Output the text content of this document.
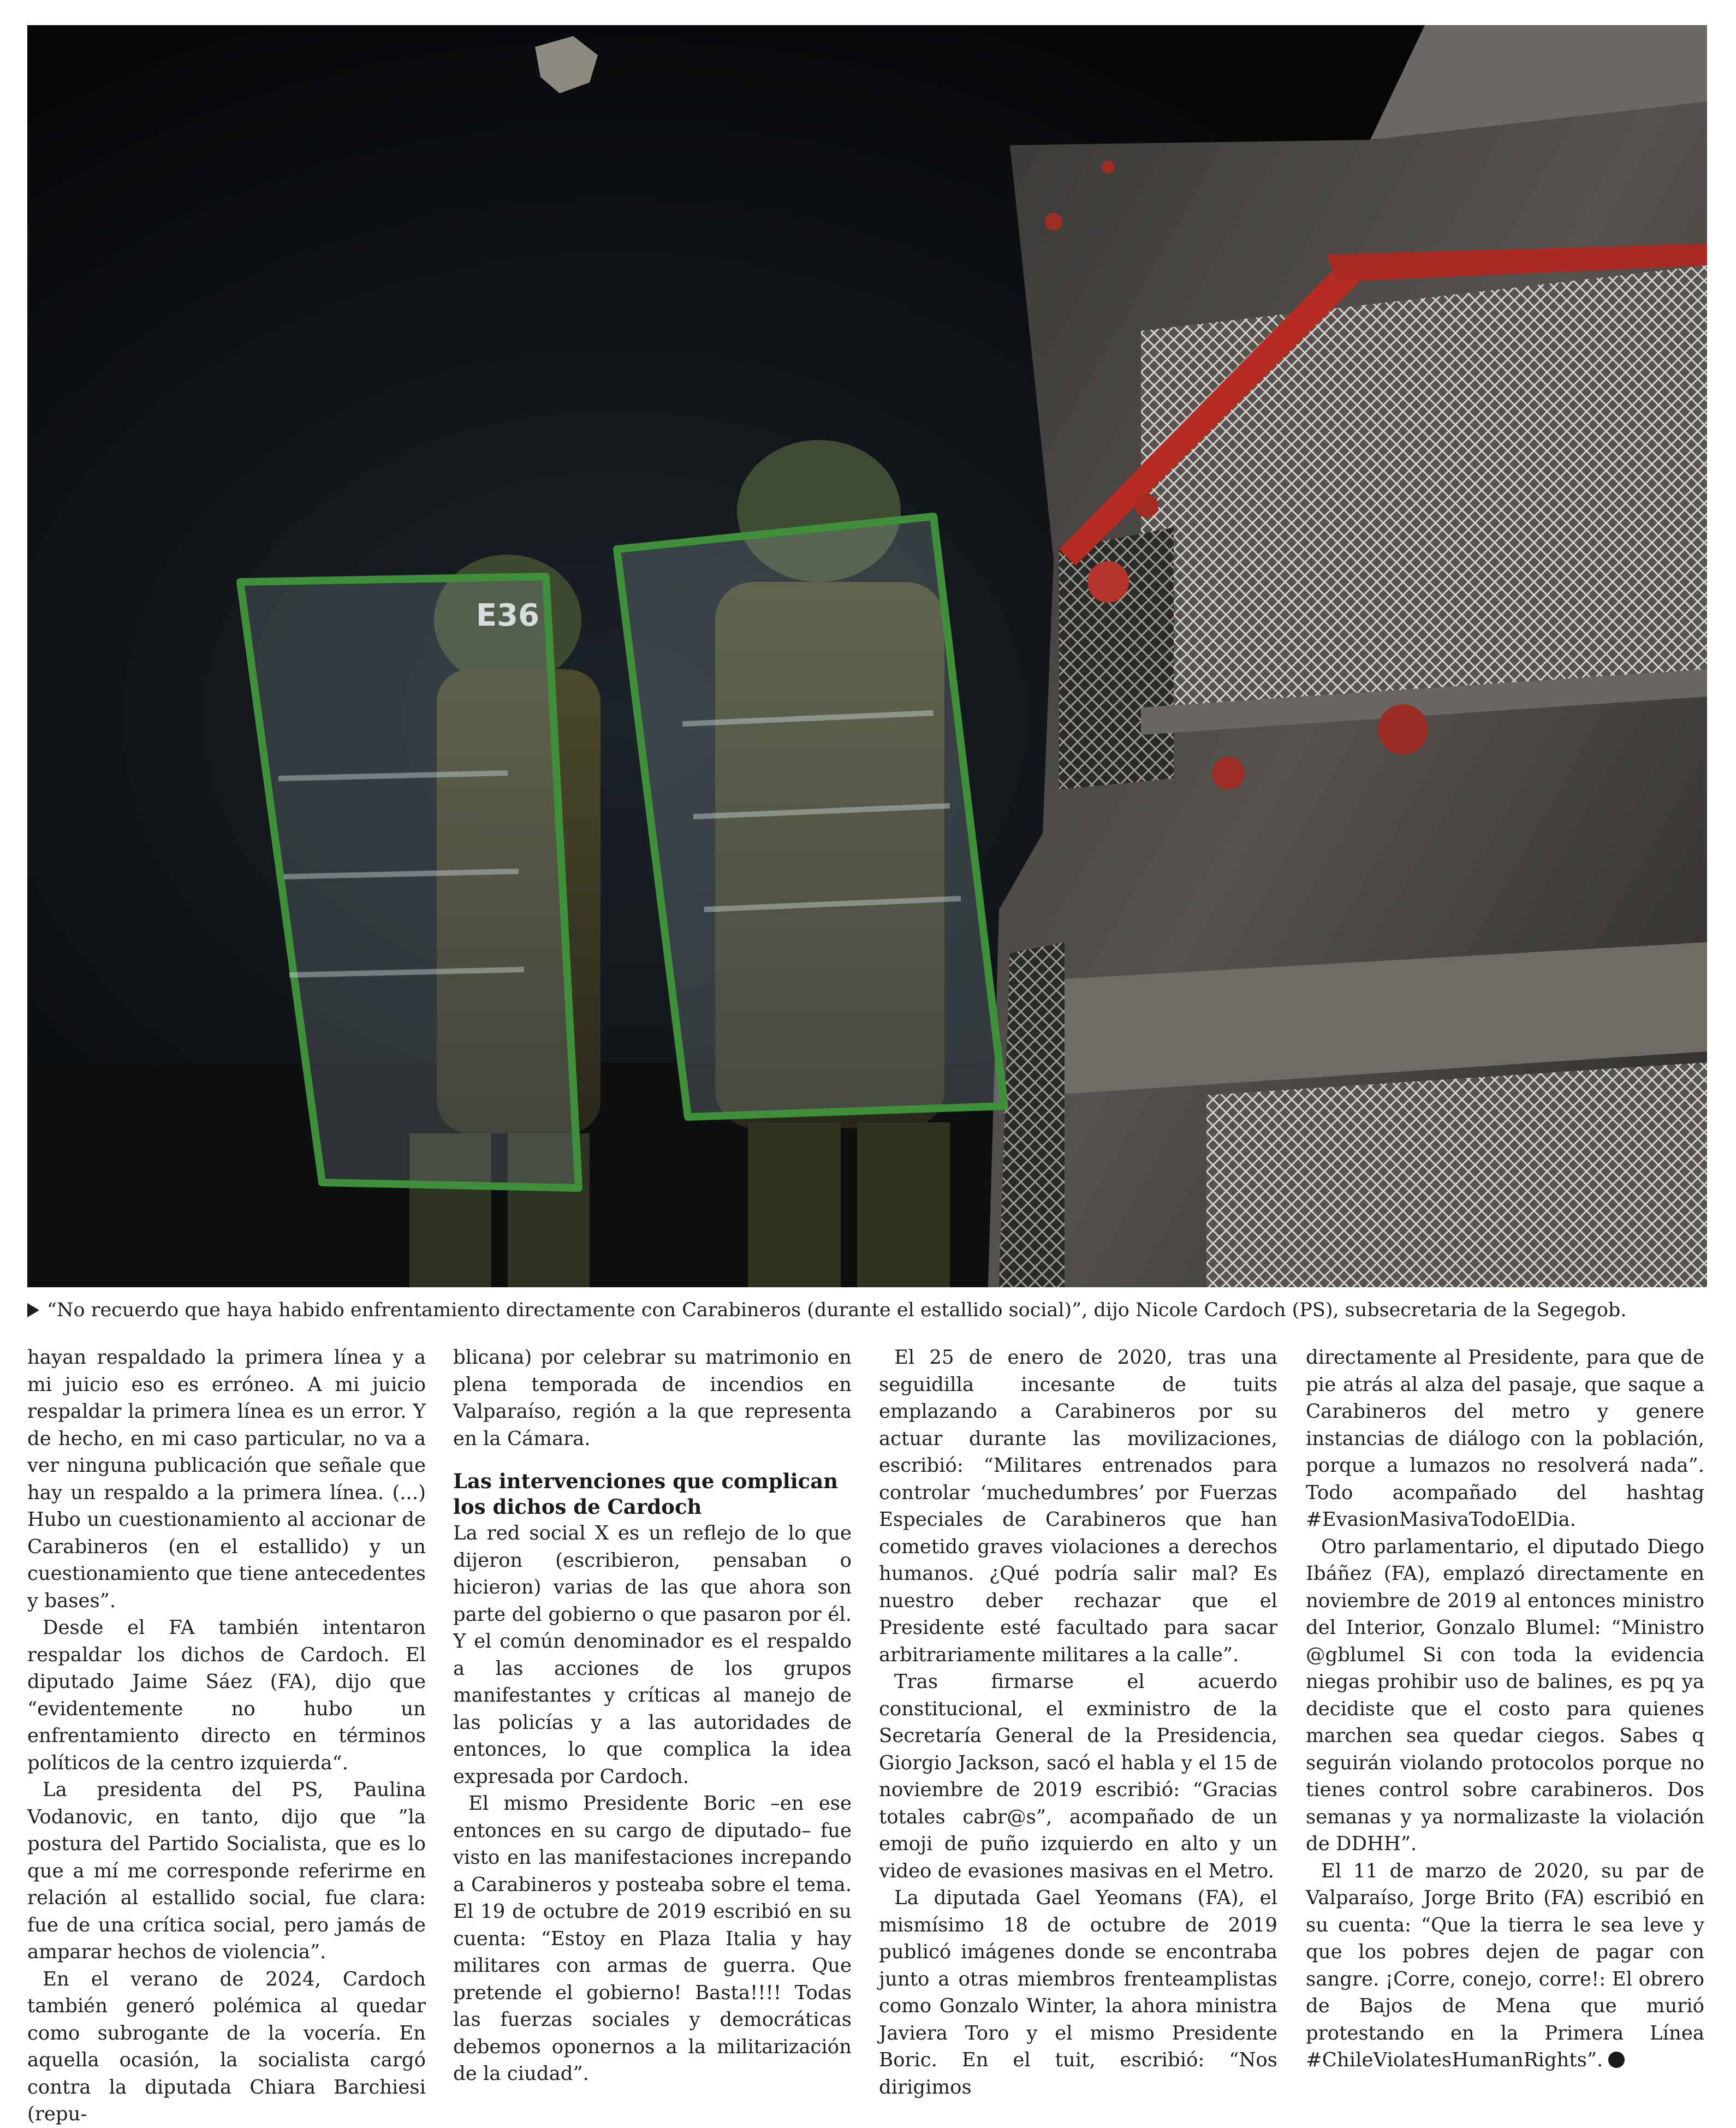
E36
“No recuerdo que haya habido enfrentamiento directamente con Carabineros (durante el estallido social)”, dijo Nicole Cardoch (PS), subsecretaria de la Segegob.

hayan respaldado la primera línea y a mi juicio eso es erróneo. A mi juicio respaldar la primera línea es un error. Y de hecho, en mi caso particular, no va a ver ninguna publicación que señale que hay un respaldo a la primera línea. (...) Hubo un cuestionamiento al accionar de Carabineros (en el estallido) y un cuestionamiento que tiene antecedentes y bases”.

Desde el FA también intentaron respaldar los dichos de Cardoch. El diputado Jaime Sáez (FA), dijo que “evidentemente no hubo un enfrentamiento directo en términos políticos de la centro izquierda“.

La presidenta del PS, Paulina Vodanovic, en tanto, dijo que ”la postura del Partido Socialista, que es lo que a mí me corresponde referirme en relación al estallido social, fue clara: fue de una crítica social, pero jamás de amparar hechos de violencia”.

En el verano de 2024, Cardoch también generó polémica al quedar como subrogante de la vocería. En aquella ocasión, la socialista cargó contra la diputada Chiara Barchiesi (repu-

blicana) por celebrar su matrimonio en plena temporada de incendios en Valparaíso, región a la que representa en la Cámara.

Las intervenciones que complican los dichos de Cardoch

La red social X es un reflejo de lo que dijeron (escribieron, pensaban o hicieron) varias de las que ahora son parte del gobierno o que pasaron por él. Y el común denominador es el respaldo a las acciones de los grupos manifestantes y críticas al manejo de las policías y a las autoridades de entonces, lo que complica la idea expresada por Cardoch.

El mismo Presidente Boric –en ese entonces en su cargo de diputado– fue visto en las manifestaciones increpando a Carabineros y posteaba sobre el tema. El 19 de octubre de 2019 escribió en su cuenta: “Estoy en Plaza Italia y hay militares con armas de guerra. Que pretende el gobierno! Basta!!!! Todas las fuerzas sociales y democráticas debemos oponernos a la militarización de la ciudad”.

El 25 de enero de 2020, tras una seguidilla incesante de tuits emplazando a Carabineros por su actuar durante las movilizaciones, escribió: “Militares entrenados para controlar ‘muchedumbres’ por Fuerzas Especiales de Carabineros que han cometido graves violaciones a derechos humanos. ¿Qué podría salir mal? Es nuestro deber rechazar que el Presidente esté facultado para sacar arbitrariamente militares a la calle”.

Tras firmarse el acuerdo constitucional, el exministro de la Secretaría General de la Presidencia, Giorgio Jackson, sacó el habla y el 15 de noviembre de 2019 escribió: “Gracias totales cabr@s”, acompañado de un emoji de puño izquierdo en alto y un video de evasiones masivas en el Metro.

La diputada Gael Yeomans (FA), el mismísimo 18 de octubre de 2019 publicó imágenes donde se encontraba junto a otras miembros frenteamplistas como Gonzalo Winter, la ahora ministra Javiera Toro y el mismo Presidente Boric. En el tuit, escribió: “Nos dirigimos

directamente al Presidente, para que de pie atrás al alza del pasaje, que saque a Carabineros del metro y genere instancias de diálogo con la población, porque a lumazos no resolverá nada”. Todo acompañado del hashtag #EvasionMasivaTodoElDia.

Otro parlamentario, el diputado Diego Ibáñez (FA), emplazó directamente en noviembre de 2019 al entonces ministro del Interior, Gonzalo Blumel: “Ministro @gblumel Si con toda la evidencia niegas prohibir uso de balines, es pq ya decidiste que el costo para quienes marchen sea quedar ciegos. Sabes q seguirán violando protocolos porque no tienes control sobre carabineros. Dos semanas y ya normalizaste la violación de DDHH”.

El 11 de marzo de 2020, su par de Valparaíso, Jorge Brito (FA) escribió en su cuenta: “Que la tierra le sea leve y que los pobres dejen de pagar con sangre. ¡Corre, conejo, corre!: El obrero de Bajos de Mena que murió protestando en la Primera Línea #ChileViolatesHumanRights”.
